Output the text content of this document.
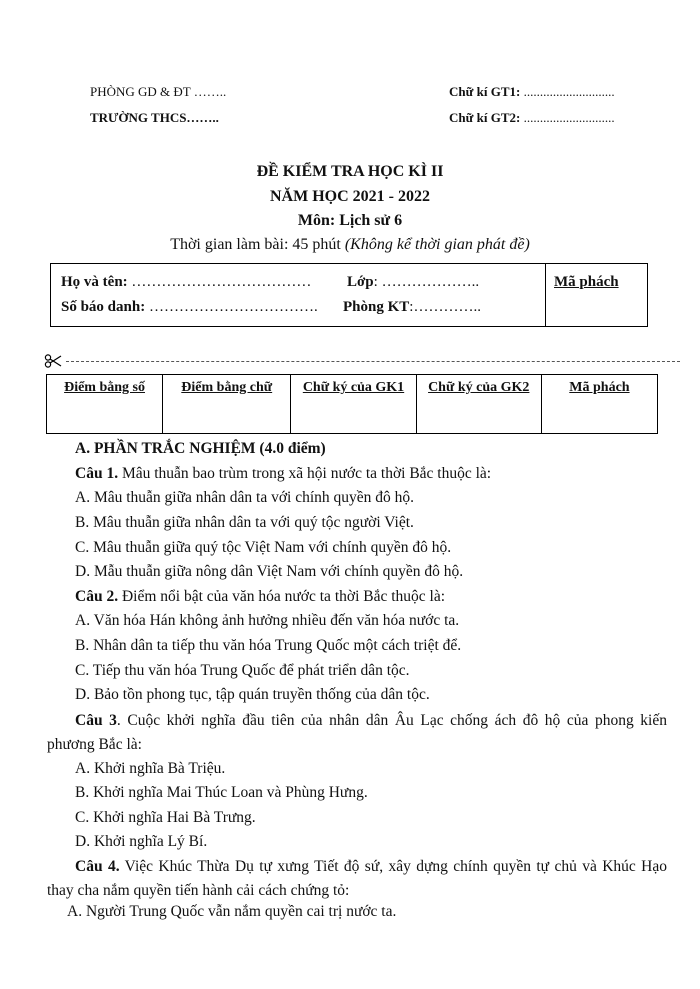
PHÒNG GD & ĐT ……..
TRƯỜNG THCS……..
Chữ kí GT1: ............................
Chữ kí GT2: ............................
ĐỀ KIỂM TRA HỌC KÌ II
NĂM HỌC 2021 - 2022
Môn: Lịch sử 6
Thời gian làm bài: 45 phút (Không kể thời gian phát đề)
Họ và tên: ……………………………… Lớp: ………………..
Số báo danh: ……………………………. Phòng KT:…………..
Mã phách
Điểm bằng số	Điểm bằng chữ	Chữ ký của GK1	Chữ ký của GK2	Mã phách
A. PHẦN TRẮC NGHIỆM (4.0 điểm)
Câu 1. Mâu thuẫn bao trùm trong xã hội nước ta thời Bắc thuộc là:
A. Mâu thuẫn giữa nhân dân ta với chính quyền đô hộ.
B. Mâu thuẫn giữa nhân dân ta với quý tộc người Việt.
C. Mâu thuẫn giữa quý tộc Việt Nam với chính quyền đô hộ.
D. Mẫu thuẫn giữa nông dân Việt Nam với chính quyền đô hộ.
Câu 2. Điểm nổi bật của văn hóa nước ta thời Bắc thuộc là:
A. Văn hóa Hán không ảnh hưởng nhiều đến văn hóa nước ta.
B. Nhân dân ta tiếp thu văn hóa Trung Quốc một cách triệt để.
C. Tiếp thu văn hóa Trung Quốc để phát triển dân tộc.
D. Bảo tồn phong tục, tập quán truyền thống của dân tộc.
Câu 3. Cuộc khởi nghĩa đầu tiên của nhân dân Âu Lạc chống ách đô hộ của phong kiến phương Bắc là:
A. Khởi nghĩa Bà Triệu.
B. Khởi nghĩa Mai Thúc Loan và Phùng Hưng.
C. Khởi nghĩa Hai Bà Trưng.
D. Khởi nghĩa Lý Bí.
Câu 4. Việc Khúc Thừa Dụ tự xưng Tiết độ sứ, xây dựng chính quyền tự chủ và Khúc Hạo thay cha nắm quyền tiến hành cải cách chứng tỏ:
A. Người Trung Quốc vẫn nắm quyền cai trị nước ta.
